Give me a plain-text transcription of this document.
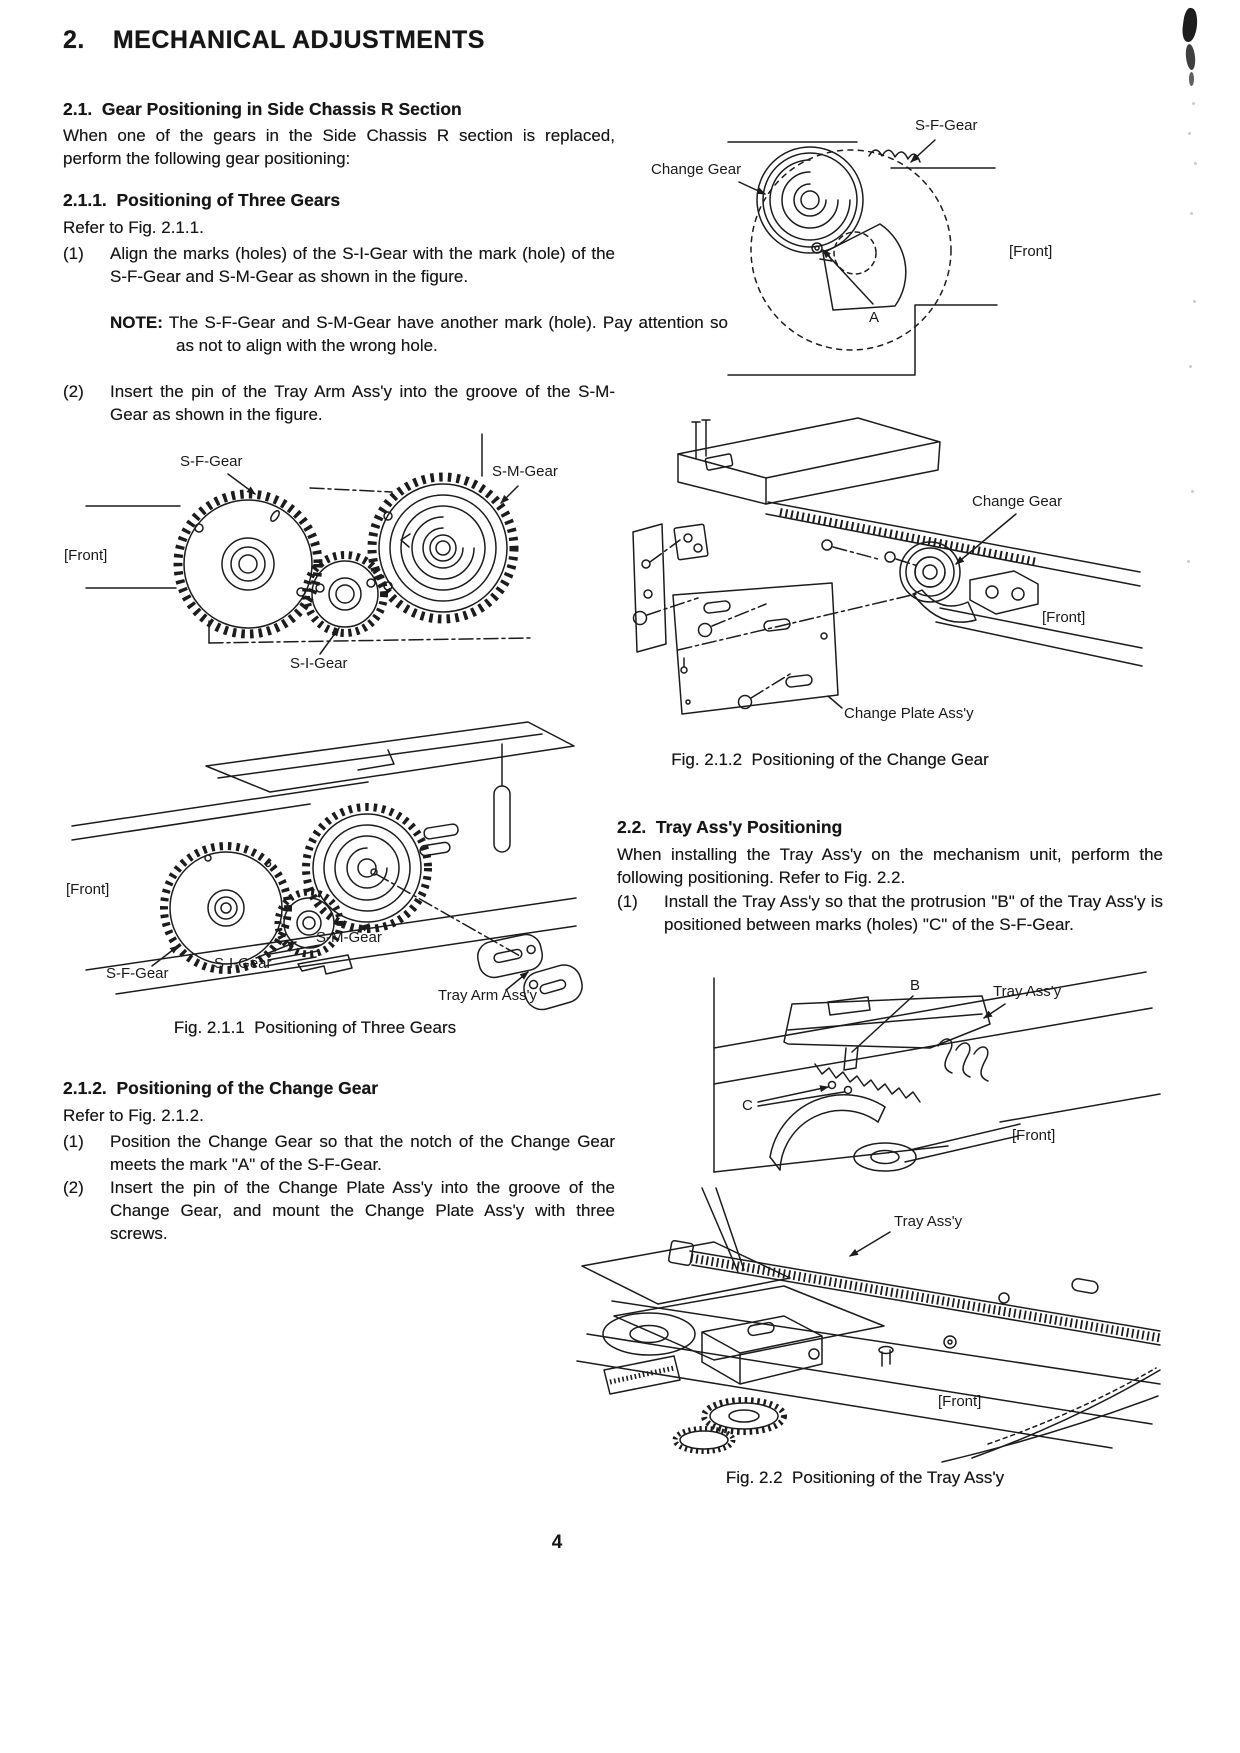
2. MECHANICAL ADJUSTMENTS

2.1.  Gear Positioning in Side Chassis R Section

When one of the gears in the Side Chassis R section is replaced, perform the following gear positioning:

2.1.1.  Positioning of Three Gears

Refer to Fig. 2.1.1.

(1)	Align the marks (holes) of the S-I-Gear with the mark (hole) of the S-F-Gear and S-M-Gear as shown in the figure.

NOTE: The S-F-Gear and S-M-Gear have another mark (hole). Pay attention so as not to align with the wrong hole.

(2)	Insert the pin of the Tray Arm Ass'y into the groove of the S-M-Gear as shown in the figure.
S-F-Gear
S-M-Gear
S-I-Gear
[Front]
[Front]
S-F-Gear
S-I-Gear
S-M-Gear
Tray Arm Ass'y

Fig. 2.1.1  Positioning of Three Gears

2.1.2.  Positioning of the Change Gear

Refer to Fig. 2.1.2.

(1)	Position the Change Gear so that the notch of the Change Gear meets the mark "A" of the S-F-Gear.
(2)	Insert the pin of the Change Plate Ass'y into the groove of the Change Gear, and mount the Change Plate Ass'y with three screws.
Change Gear
S-F-Gear
A
[Front]
Change Gear
[Front]
Change Plate Ass'y

Fig. 2.1.2  Positioning of the Change Gear

2.2.  Tray Ass'y Positioning

When installing the Tray Ass'y on the mechanism unit, perform the following positioning. Refer to Fig. 2.2.

(1)	Install the Tray Ass'y so that the protrusion "B" of the Tray Ass'y is positioned between marks (holes) "C" of the S-F-Gear.
B	Tray Ass'y
C
[Front]
Tray Ass'y
[Front]

Fig. 2.2  Positioning of the Tray Ass'y

4
